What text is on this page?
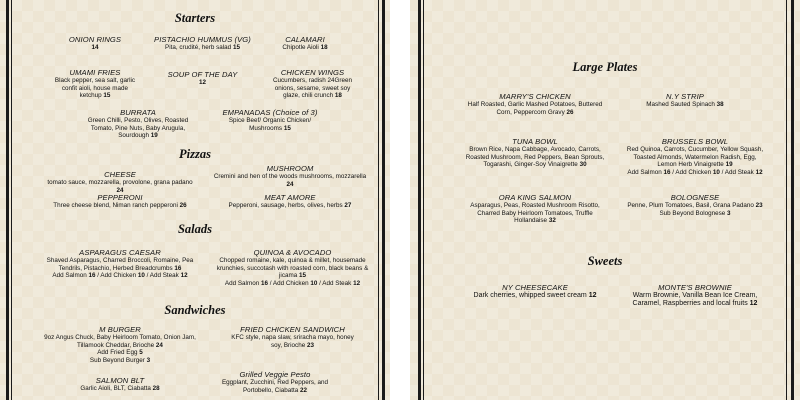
Starters
ONION RINGS
14
PISTACHIO HUMMUS (VG)
Pita, crudité, herb salad 15
CALAMARI
Chipotle Aioli 18
UMAMI FRIES
Black pepper, sea salt, garlic
confit aioli, house made
ketchup 15
SOUP OF THE DAY
12
CHICKEN WINGS
Cucumbers, radish 24Green
onions, sesame, sweet soy
glaze, chili crunch 18
BURRATA
Green Chilli, Pesto, Olives, Roasted
Tomato, Pine Nuts, Baby Arugula,
Sourdough 19
EMPANADAS (Choice of 3)
Spice Beef/ Organic Chicken/
Mushrooms 15
Pizzas
CHEESE
tomato sauce, mozzarella, provolone, grana padano
24
MUSHROOM
Cremini and hen of the woods mushrooms, mozzarella
24
PEPPERONI
Three cheese blend, Niman ranch pepperoni 26
MEAT AMORE
Pepperoni, sausage, herbs, olives, herbs 27
Salads
ASPARAGUS CAESAR
Shaved Asparagus, Charred Broccoli, Romaine, Pea
Tendrils, Pistachio, Herbed Breadcrumbs 16
Add Salmon 16 / Add Chicken 10 / Add Steak 12
QUINOA & AVOCADO
Chopped romaine, kale, quinoa & millet, housemade
krunchies, succotash with roasted corn, black beans &
jicama 15
Add Salmon 16 / Add Chicken 10 / Add Steak 12
Sandwiches
M BURGER
9oz Angus Chuck, Baby Heirloom Tomato, Onion Jam,
Tillamook Cheddar, Brioche 24
Add Fried Egg 5
Sub Beyond Burger 3
FRIED CHICKEN SANDWICH
KFC style, napa slaw, sriracha mayo, honey
soy, Brioche 23
SALMON BLT
Garlic Aioli, BLT, Ciabatta 28
Grilled Veggie Pesto
Eggplant, Zucchini, Red Peppers, and
Portobello, Ciabatta 22
Large Plates
MARRY'S CHICKEN
Half Roasted, Garlic Mashed Potatoes, Buttered
Corn, Peppercorn Gravy 26
N.Y STRIP
Mashed Sauted Spinach 38
TUNA BOWL
Brown Rice, Napa Cabbage, Avocado, Carrots,
Roasted Mushroom, Red Peppers, Bean Sprouts,
Togarashi, Ginger-Soy Vinaigrette 30
BRUSSELS BOWL
Red Quinoa, Carrots, Cucumber, Yellow Squash,
Toasted Almonds, Watermelon Radish, Egg,
Lemon Herb Vinaigrette 19
Add Salmon 16 / Add Chicken 10 / Add Steak 12
ORA KING SALMON
Asparagus, Peas, Roasted Mushroom Risotto,
Charred Baby Heirloom Tomatoes, Truffle
Hollandaise 32
BOLOGNESE
Penne, Plum Tomatoes, Basil, Grana Padano 23
Sub Beyond Bolognese 3
Sweets
NY CHEESECAKE
Dark cherries, whipped sweet cream 12
MONTE'S BROWNIE
Warm Brownie, Vanilla Bean Ice Cream,
Caramel, Raspberries and local fruits 12
